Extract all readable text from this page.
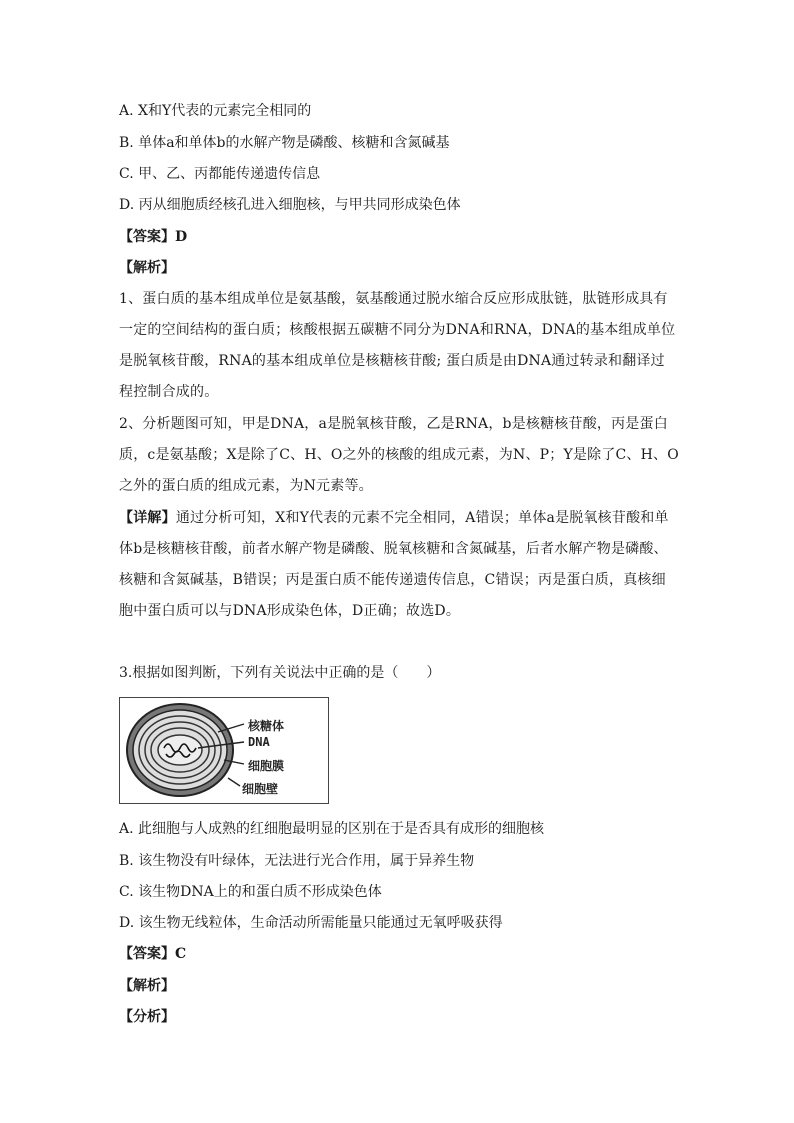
A. X和Y代表的元素完全相同的
B. 单体a和单体b的水解产物是磷酸、核糖和含氮碱基
C. 甲、乙、丙都能传递遗传信息
D. 丙从细胞质经核孔进入细胞核，与甲共同形成染色体
【答案】D
【解析】
1、蛋白质的基本组成单位是氨基酸，氨基酸通过脱水缩合反应形成肽链，肽链形成具有一定的空间结构的蛋白质；核酸根据五碳糖不同分为DNA和RNA，DNA的基本组成单位是脱氧核苷酸，RNA的基本组成单位是核糖核苷酸; 蛋白质是由DNA通过转录和翻译过程控制合成的。
2、分析题图可知，甲是DNA，a是脱氧核苷酸，乙是RNA，b是核糖核苷酸，丙是蛋白质，c是氨基酸；X是除了C、H、O之外的核酸的组成元素，为N、P；Y是除了C、H、O之外的蛋白质的组成元素，为N元素等。
【详解】通过分析可知，X和Y代表的元素不完全相同，A错误；单体a是脱氧核苷酸和单体b是核糖核苷酸，前者水解产物是磷酸、脱氧核糖和含氮碱基，后者水解产物是磷酸、核糖和含氮碱基，B错误；丙是蛋白质不能传递遗传信息，C错误；丙是蛋白质，真核细胞中蛋白质可以与DNA形成染色体，D正确；故选D。
3.根据如图判断，下列有关说法中正确的是（　　）
核糖体
DNA
细胞膜
细胞壁
A. 此细胞与人成熟的红细胞最明显的区别在于是否具有成形的细胞核
B. 该生物没有叶绿体，无法进行光合作用，属于异养生物
C. 该生物DNA上的和蛋白质不形成染色体
D. 该生物无线粒体，生命活动所需能量只能通过无氧呼吸获得
【答案】C
【解析】
【分析】
